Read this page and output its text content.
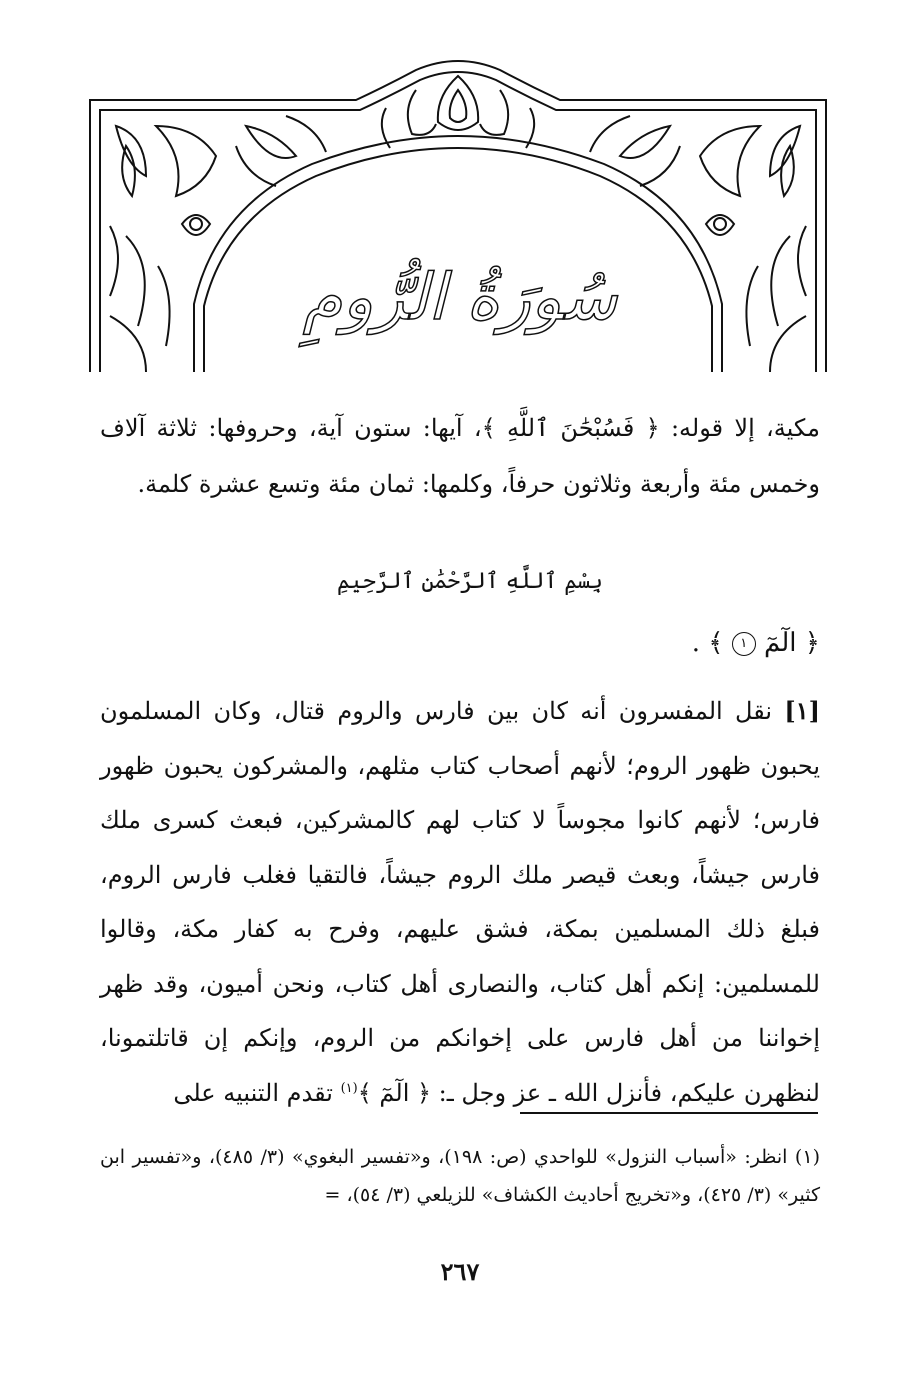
سُورَةُ الرُّومِ

مكية، إلا قوله: ﴿ فَسُبْحَٰنَ ٱللَّهِ ﴾، آيها: ستون آية، وحروفها: ثلاثة آلاف وخمس مئة وأربعة وثلاثون حرفاً، وكلمها: ثمان مئة وتسع عشرة كلمة.

بِسْمِ ٱللَّهِ ٱلرَّحْمَٰنِ ٱلرَّحِيمِ
﴿ الٓمٓ ١ ﴾ .

[١] نقل المفسرون أنه كان بين فارس والروم قتال، وكان المسلمون يحبون ظهور الروم؛ لأنهم أصحاب كتاب مثلهم، والمشركون يحبون ظهور فارس؛ لأنهم كانوا مجوساً لا كتاب لهم كالمشركين، فبعث كسرى ملك فارس جيشاً، وبعث قيصر ملك الروم جيشاً، فالتقيا فغلب فارس الروم، فبلغ ذلك المسلمين بمكة، فشق عليهم، وفرح به كفار مكة، وقالوا للمسلمين: إنكم أهل كتاب، والنصارى أهل كتاب، ونحن أميون، وقد ظهر إخواننا من أهل فارس على إخوانكم من الروم، وإنكم إن قاتلتمونا، لنظهرن عليكم، فأنزل الله ـ عز وجل ـ: ﴿ الٓمٓ ﴾$^{(١)}$ تقدم التنبيه على

(١) انظر: «أسباب النزول» للواحدي (ص: ١٩٨)، و«تفسير البغوي» (٣/ ٤٨٥)، و«تفسير ابن كثير» (٣/ ٤٢٥)، و«تخريج أحاديث الكشاف» للزيلعي (٣/ ٥٤)، =

٢٦٧
